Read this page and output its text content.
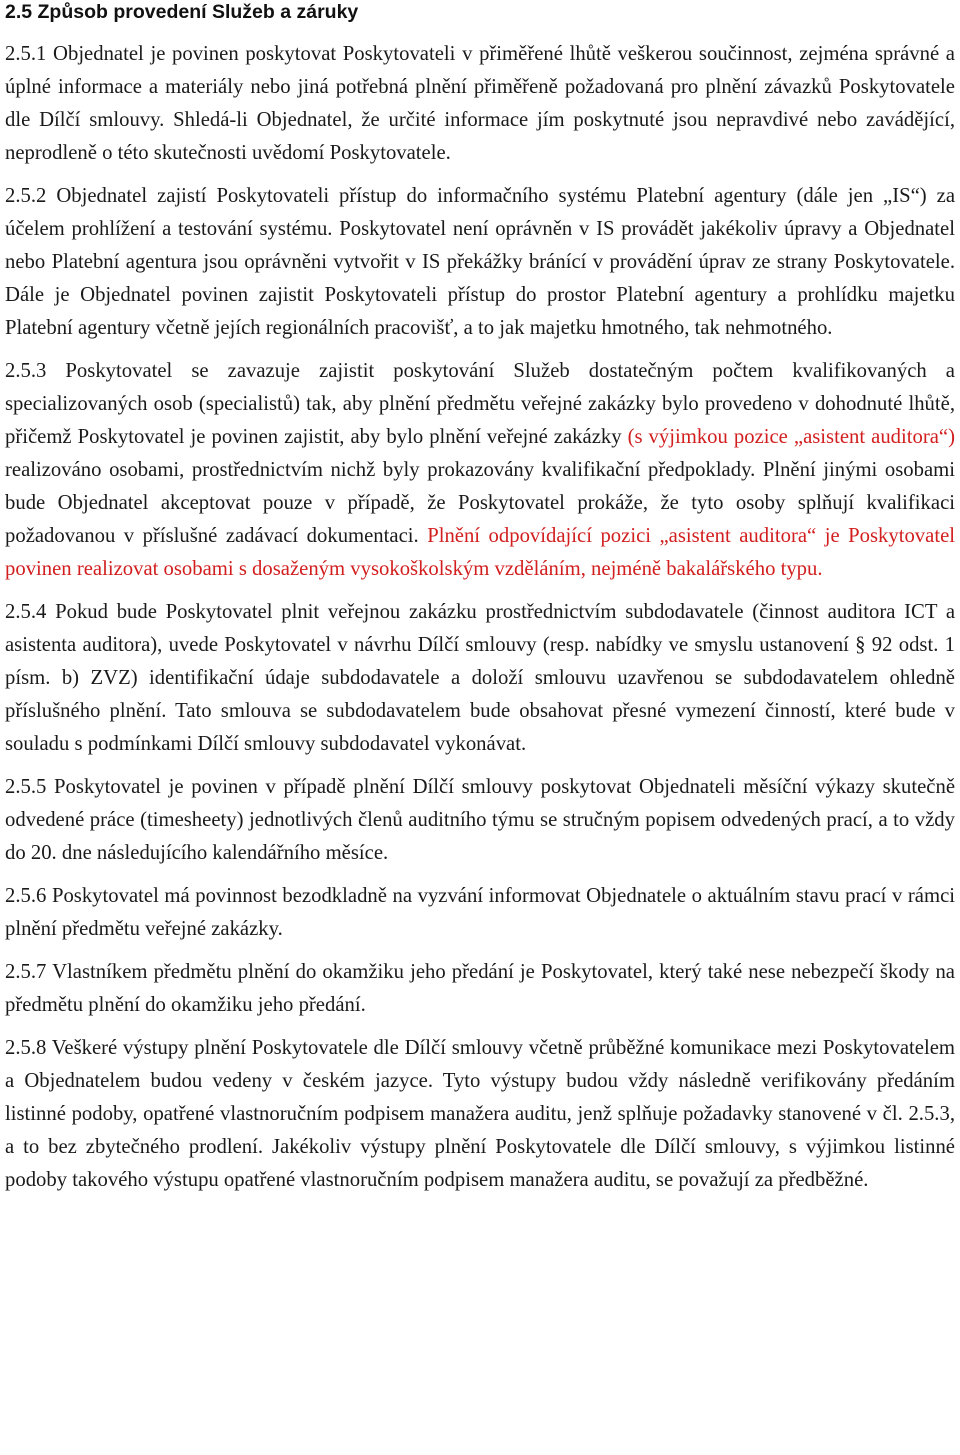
2.5 Způsob provedení Služeb a záruky

2.5.1 Objednatel je povinen poskytovat Poskytovateli v přiměřené lhůtě veškerou součinnost, zejména správné a úplné informace a materiály nebo jiná potřebná plnění přiměřeně požadovaná pro plnění závazků Poskytovatele dle Dílčí smlouvy. Shledá-li Objednatel, že určité informace jím poskytnuté jsou nepravdivé nebo zavádějící, neprodleně o této skutečnosti uvědomí Poskytovatele.

2.5.2 Objednatel zajistí Poskytovateli přístup do informačního systému Platební agentury (dále jen „IS“) za účelem prohlížení a testování systému. Poskytovatel není oprávněn v IS provádět jakékoliv úpravy a Objednatel nebo Platební agentura jsou oprávněni vytvořit v IS překážky bránící v provádění úprav ze strany Poskytovatele. Dále je Objednatel povinen zajistit Poskytovateli přístup do prostor Platební agentury a prohlídku majetku Platební agentury včetně jejích regionálních pracovišť, a to jak majetku hmotného, tak nehmotného.

2.5.3 Poskytovatel se zavazuje zajistit poskytování Služeb dostatečným počtem kvalifikovaných a specializovaných osob (specialistů) tak, aby plnění předmětu veřejné zakázky bylo provedeno v dohodnuté lhůtě, přičemž Poskytovatel je povinen zajistit, aby bylo plnění veřejné zakázky (s výjimkou pozice „asistent auditora“) realizováno osobami, prostřednictvím nichž byly prokazovány kvalifikační předpoklady. Plnění jinými osobami bude Objednatel akceptovat pouze v případě, že Poskytovatel prokáže, že tyto osoby splňují kvalifikaci požadovanou v příslušné zadávací dokumentaci. Plnění odpovídající pozici „asistent auditora“ je Poskytovatel povinen realizovat osobami s dosaženým vysokoškolským vzděláním, nejméně bakalářského typu.

2.5.4 Pokud bude Poskytovatel plnit veřejnou zakázku prostřednictvím subdodavatele (činnost auditora ICT a asistenta auditora), uvede Poskytovatel v návrhu Dílčí smlouvy (resp. nabídky ve smyslu ustanovení § 92 odst. 1 písm. b) ZVZ) identifikační údaje subdodavatele a doloží smlouvu uzavřenou se subdodavatelem ohledně příslušného plnění. Tato smlouva se subdodavatelem bude obsahovat přesné vymezení činností, které bude v souladu s podmínkami Dílčí smlouvy subdodavatel vykonávat.

2.5.5 Poskytovatel je povinen v případě plnění Dílčí smlouvy poskytovat Objednateli měsíční výkazy skutečně odvedené práce (timesheety) jednotlivých členů auditního týmu se stručným popisem odvedených prací, a to vždy do 20. dne následujícího kalendářního měsíce.

2.5.6 Poskytovatel má povinnost bezodkladně na vyzvání informovat Objednatele o aktuálním stavu prací v rámci plnění předmětu veřejné zakázky.

2.5.7 Vlastníkem předmětu plnění do okamžiku jeho předání je Poskytovatel, který také nese nebezpečí škody na předmětu plnění do okamžiku jeho předání.

2.5.8 Veškeré výstupy plnění Poskytovatele dle Dílčí smlouvy včetně průběžné komunikace mezi Poskytovatelem a Objednatelem budou vedeny v českém jazyce. Tyto výstupy budou vždy následně verifikovány předáním listinné podoby, opatřené vlastnoručním podpisem manažera auditu, jenž splňuje požadavky stanovené v čl. 2.5.3, a to bez zbytečného prodlení. Jakékoliv výstupy plnění Poskytovatele dle Dílčí smlouvy, s výjimkou listinné podoby takového výstupu opatřené vlastnoručním podpisem manažera auditu, se považují za předběžné.
